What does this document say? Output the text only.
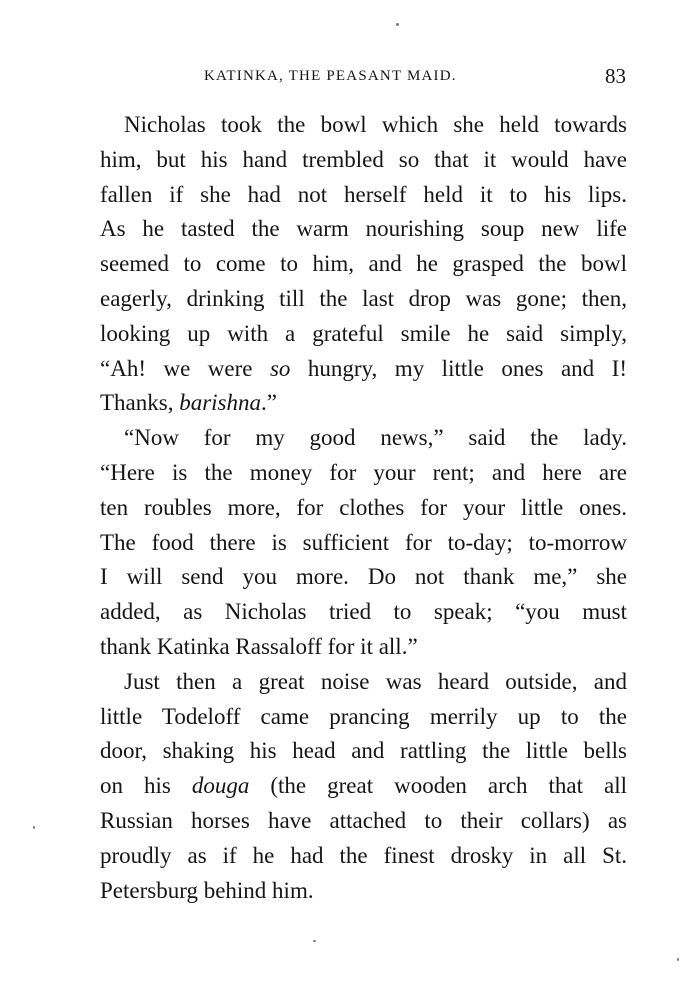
KATINKA, THE PEASANT MAID.	83
Nicholas took the bowl which she held towards
him, but his hand trembled so that it would have
fallen if she had not herself held it to his lips.
As he tasted the warm nourishing soup new life
seemed to come to him, and he grasped the bowl
eagerly, drinking till the last drop was gone; then,
looking up with a grateful smile he said simply,
“Ah! we were so hungry, my little ones and I!
Thanks, barishna.”
“Now for my good news,” said the lady.
“Here is the money for your rent; and here are
ten roubles more, for clothes for your little ones.
The food there is sufficient for to-day; to-morrow
I will send you more. Do not thank me,” she
added, as Nicholas tried to speak; “you must
thank Katinka Rassaloff for it all.”
Just then a great noise was heard outside, and
little Todeloff came prancing merrily up to the
door, shaking his head and rattling the little bells
on his douga (the great wooden arch that all
Russian horses have attached to their collars) as
proudly as if he had the finest drosky in all St.
Petersburg behind him.
